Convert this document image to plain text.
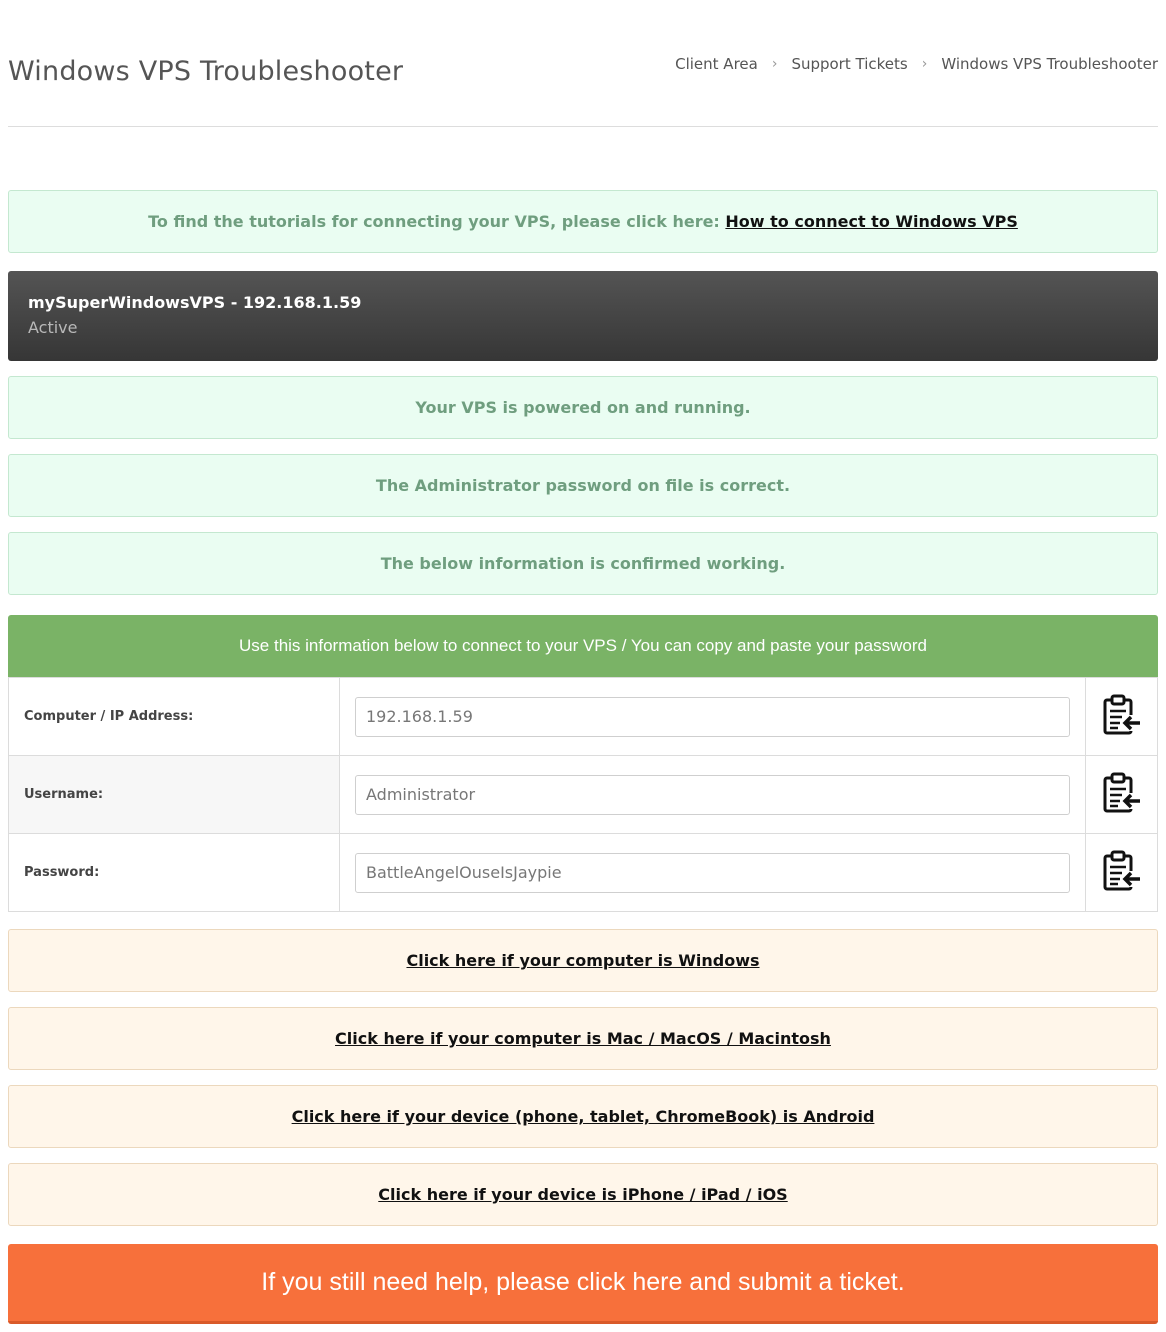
Windows VPS Troubleshooter	Client Area › Support Tickets › Windows VPS Troubleshooter
To find the tutorials for connecting your VPS, please click here:
How to connect to Windows VPS
mySuperWindowsVPS - 192.168.1.59
Active
Your VPS is powered on and running.
The Administrator password on file is correct.
The below information is confirmed working.
Use this information below to connect to your VPS / You can copy and paste your password
Computer / IP Address:	192.168.1.59	
Username:	Administrator	
Password:	BattleAngelOuseIsJaypie	
Click here if your computer is Windows
Click here if your computer is Mac / MacOS / Macintosh
Click here if your device (phone, tablet, ChromeBook) is Android
Click here if your device is iPhone / iPad / iOS
If you still need help, please click here and submit a ticket.
